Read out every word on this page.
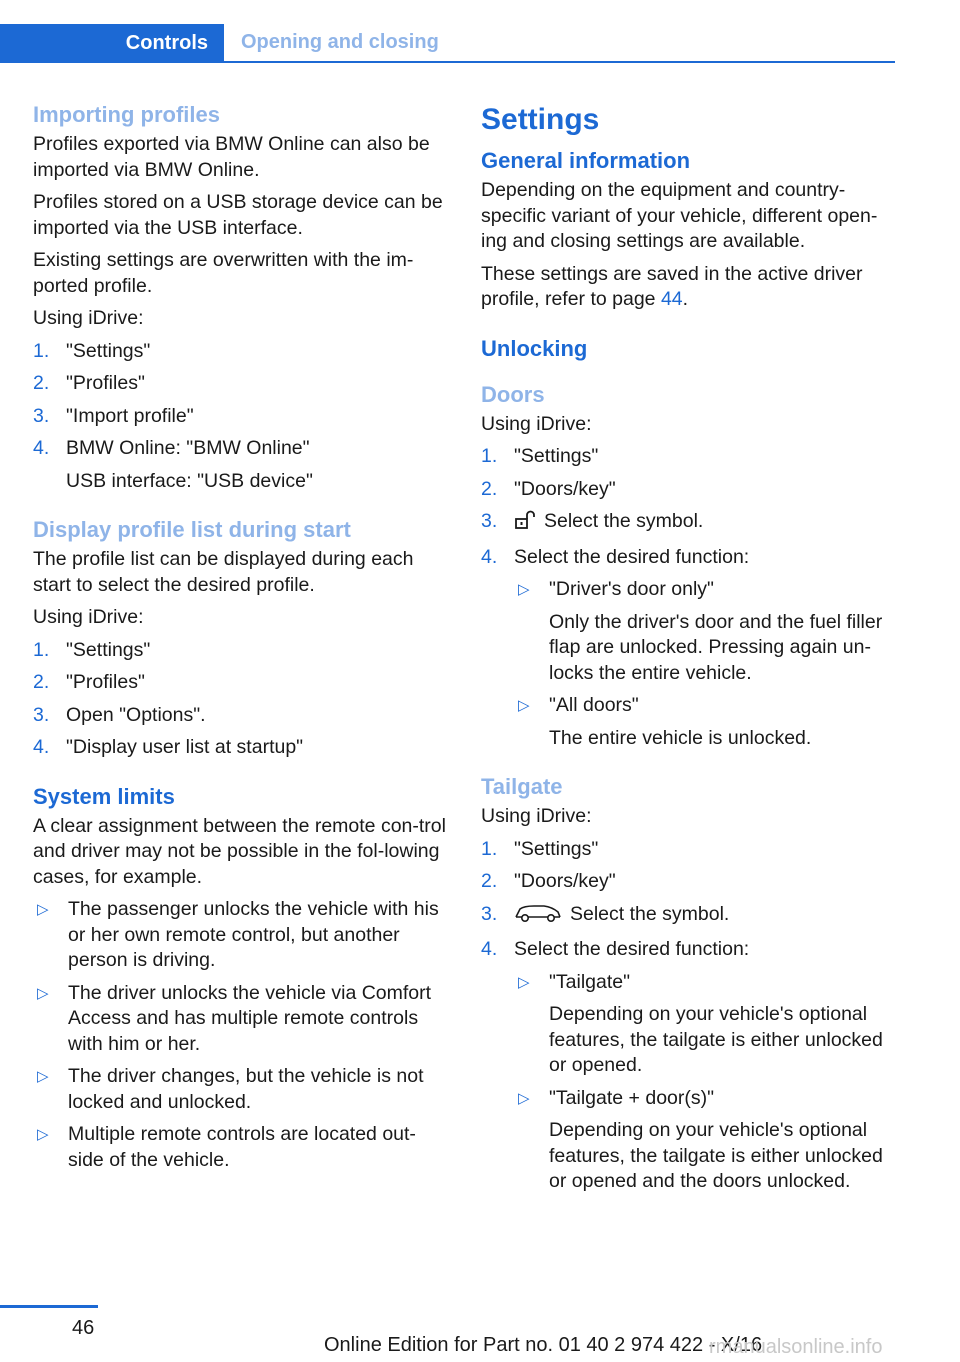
Controls Opening and closing
Importing profiles

Profiles exported via BMW Online can also be imported via BMW Online.

Profiles stored on a USB storage device can be imported via the USB interface.

Existing settings are overwritten with the im‐ported profile.

Using iDrive:

1. "Settings"
2. "Profiles"
3. "Import profile"
4. BMW Online: "BMW Online"
USB interface: "USB device"
Display profile list during start

The profile list can be displayed during each start to select the desired profile.

Using iDrive:

1. "Settings"
2. "Profiles"
3. Open "Options".
4. "Display user list at startup"
System limits

A clear assignment between the remote con‐trol and driver may not be possible in the fol‐lowing cases, for example.

▷ The passenger unlocks the vehicle with his or her own remote control, but another person is driving.
▷ The driver unlocks the vehicle via Comfort Access and has multiple remote controls with him or her.
▷ The driver changes, but the vehicle is not locked and unlocked.
▷ Multiple remote controls are located out‐side of the vehicle.
Settings
General information

Depending on the equipment and country-specific variant of your vehicle, different open‐ing and closing settings are available.

These settings are saved in the active driver profile, refer to page 44.

Unlocking
Doors

Using iDrive:

1. "Settings"
2. "Doors/key"
3. Select the symbol.
4. Select the desired function:
▷ "Driver's door only"
Only the driver's door and the fuel filler flap are unlocked. Pressing again un‐locks the entire vehicle.
▷ "All doors"
The entire vehicle is unlocked.
Tailgate

Using iDrive:

1. "Settings"
2. "Doors/key"
3.	Select the symbol.
4. Select the desired function:
▷ "Tailgate"
Depending on your vehicle's optional features, the tailgate is either unlocked or opened.
▷ "Tailgate + door(s)"
Depending on your vehicle's optional features, the tailgate is either unlocked or opened and the doors unlocked.
46
Online Edition for Part no. 01 40 2 974 422 - X/16
rmanualsonline.info
